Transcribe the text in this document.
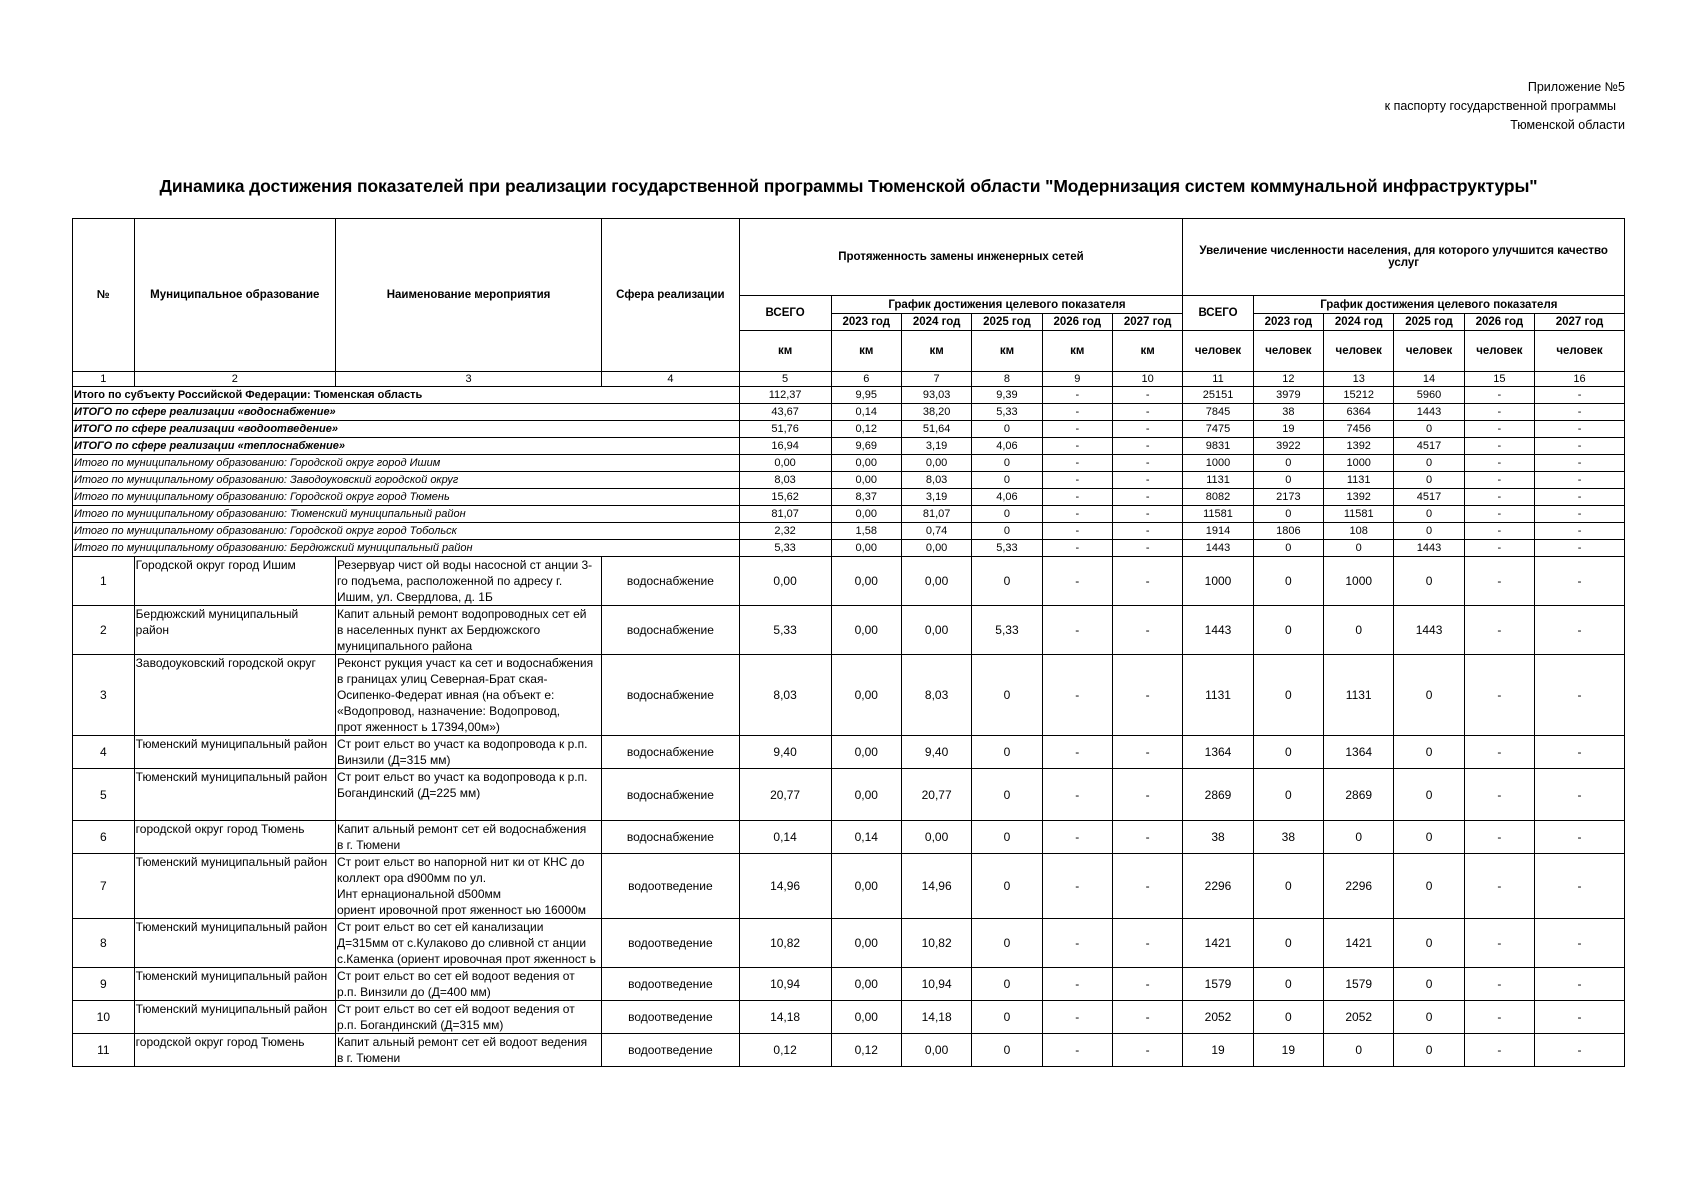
Приложение №5
к паспорту государственной программы
Тюменской области
Динамика достижения показателей при реализации государственной программы Тюменской области "Модернизация систем коммунальной инфраструктуры"
№	Муниципальное образование	Наименование мероприятия	Сфера реализации	Протяженность замены инженерных сетей						Увеличение численности населения, для которого улучшится качество услуг					
				ВСЕГО	График достижения целевого показателя					ВСЕГО	График достижения целевого показателя				
					2023 год	2024 год	2025 год	2026 год	2027 год		2023 год	2024 год	2025 год	2026 год	2027 год
				км	км	км	км	км	км	человек	человек	человек	человек	человек	человек
1	2	3	4	5	6	7	8	9	10	11	12	13	14	15	16
Итого по субъекту Российской Федерации: Тюменская область				112,37	9,95	93,03	9,39	-	-	25151	3979	15212	5960	-	-
ИТОГО по сфере реализации «водоснабжение»				43,67	0,14	38,20	5,33	-	-	7845	38	6364	1443	-	-
ИТОГО по сфере реализации «водоотведение»				51,76	0,12	51,64	0	-	-	7475	19	7456	0	-	-
ИТОГО по сфере реализации «теплоснабжение»				16,94	9,69	3,19	4,06	-	-	9831	3922	1392	4517	-	-
Итого по муниципальному образованию: Городской округ город Ишим				0,00	0,00	0,00	0	-	-	1000	0	1000	0	-	-
Итого по муниципальному образованию: Заводоуковский городской округ				8,03	0,00	8,03	0	-	-	1131	0	1131	0	-	-
Итого по муниципальному образованию: Городской округ город Тюмень				15,62	8,37	3,19	4,06	-	-	8082	2173	1392	4517	-	-
Итого по муниципальному образованию: Тюменский муниципальный район				81,07	0,00	81,07	0	-	-	11581	0	11581	0	-	-
Итого по муниципальному образованию: Городской округ город Тобольск				2,32	1,58	0,74	0	-	-	1914	1806	108	0	-	-
Итого по муниципальному образованию: Бердюжский муниципальный район				5,33	0,00	0,00	5,33	-	-	1443	0	0	1443	-	-
1	Городской округ город Ишим	Резервуар чист ой воды насосной ст анции 3-
го подъема, расположенной по адресу г.
Ишим, ул. Свердлова, д. 1Б	водоснабжение	0,00	0,00	0,00	0	-	-	1000	0	1000	0	-	-
2	Бердюжский муниципальный район	Капит альный ремонт водопроводных сет ей
в населенных пункт ах Бердюжского
муниципального района	водоснабжение	5,33	0,00	0,00	5,33	-	-	1443	0	0	1443	-	-
3	Заводоуковский городской округ	Реконст рукция участ ка сет и водоснабжения
в границах улиц Северная-Брат ская-
Осипенко-Федерат ивная (на объект е:
«Водопровод, назначение: Водопровод,
прот яженност ь 17394,00м»)	водоснабжение	8,03	0,00	8,03	0	-	-	1131	0	1131	0	-	-
4	Тюменский муниципальный район	Ст роит ельст во участ ка водопровода к р.п.
Винзили (Д=315 мм)	водоснабжение	9,40	0,00	9,40	0	-	-	1364	0	1364	0	-	-
5	Тюменский муниципальный район	Ст роит ельст во участ ка водопровода к р.п.
Богандинский (Д=225 мм)	водоснабжение	20,77	0,00	20,77	0	-	-	2869	0	2869	0	-	-
6	городской округ город Тюмень	Капит альный ремонт сет ей водоснабжения
в г. Тюмени	водоснабжение	0,14	0,14	0,00	0	-	-	38	38	0	0	-	-
7	Тюменский муниципальный район	Ст роит ельст во напорной нит ки от КНС до
коллект ора d900мм по ул.
Инт ернациональной d500мм
ориент ировочной прот яженност ью 16000м	водоотведение	14,96	0,00	14,96	0	-	-	2296	0	2296	0	-	-
8	Тюменский муниципальный район	Ст роит ельст во сет ей канализации
Д=315мм от с.Кулаково до сливной ст анции
с.Каменка (ориент ировочная прот яженност ь	водоотведение	10,82	0,00	10,82	0	-	-	1421	0	1421	0	-	-
9	Тюменский муниципальный район	Ст роит ельст во сет ей водоот ведения от
р.п. Винзили до (Д=400 мм)	водоотведение	10,94	0,00	10,94	0	-	-	1579	0	1579	0	-	-
10	Тюменский муниципальный район	Ст роит ельст во сет ей водоот ведения от
р.п. Богандинский (Д=315 мм)	водоотведение	14,18	0,00	14,18	0	-	-	2052	0	2052	0	-	-
11	городской округ город Тюмень	Капит альный ремонт сет ей водоот ведения
в г. Тюмени	водоотведение	0,12	0,12	0,00	0	-	-	19	19	0	0	-	-
